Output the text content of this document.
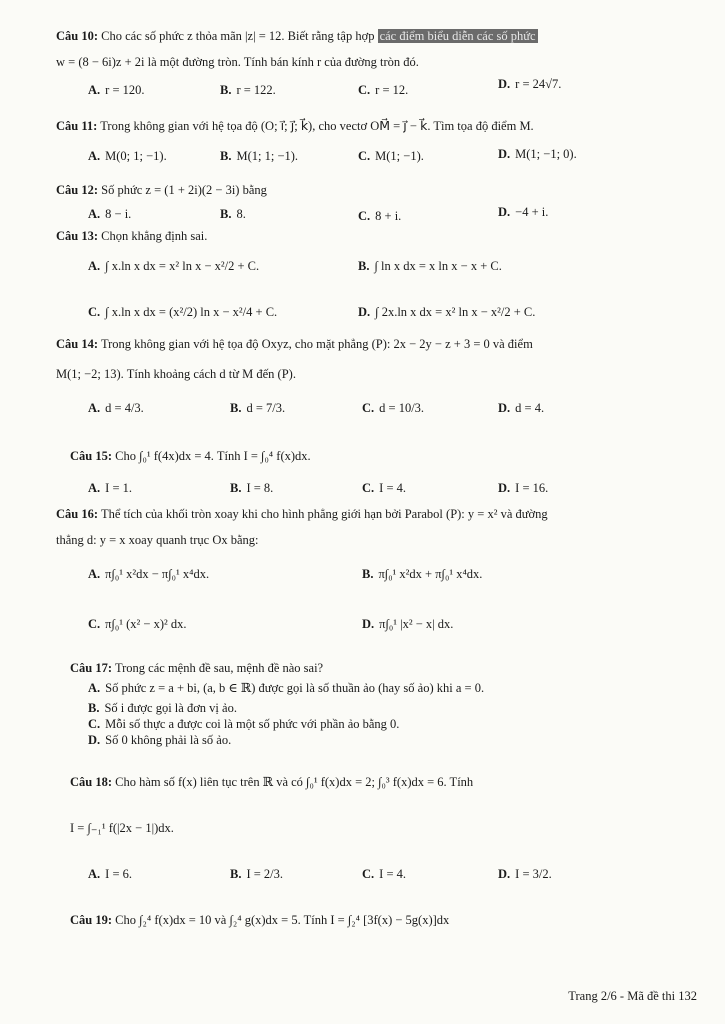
Câu 10: Cho các số phức z thỏa mãn |z| = 12. Biết rằng tập hợp các điểm biểu diễn các số phức
w = (8 − 6i)z + 2i là một đường tròn. Tính bán kính r của đường tròn đó.
A. r = 120.	B. r = 122.	C. r = 12.	D. r = 24√7.
Câu 11: Trong không gian với hệ tọa độ (O; i⃗; j⃗; k⃗), cho vectơ OM⃗ = j⃗ − k⃗. Tìm tọa độ điểm M.
A. M(0; 1; −1).	B. M(1; 1; −1).	C. M(1; −1).	D. M(1; −1; 0).
Câu 12: Số phức z = (1 + 2i)(2 − 3i) bằng
A. 8 − i.	B. 8.	C. 8 + i.	D. −4 + i.
Câu 13: Chọn khẳng định sai.
A. ∫ x.ln x dx = x² ln x − x²/2 + C.	B. ∫ ln x dx = x ln x − x + C.
C. ∫ x.ln x dx = (x²/2) ln x − x²/4 + C.	D. ∫ 2x.ln x dx = x² ln x − x²/2 + C.
Câu 14: Trong không gian với hệ tọa độ Oxyz, cho mặt phẳng (P): 2x − 2y − z + 3 = 0 và điểm
M(1; −2; 13). Tính khoảng cách d từ M đến (P).
A. d = 4/3.	B. d = 7/3.	C. d = 10/3.	D. d = 4.
Câu 15: Cho ∫₀¹ f(4x)dx = 4. Tính I = ∫₀⁴ f(x)dx.
A. I = 1.	B. I = 8.	C. I = 4.	D. I = 16.
Câu 16: Thể tích của khối tròn xoay khi cho hình phẳng giới hạn bởi Parabol (P): y = x² và đường
thẳng d: y = x xoay quanh trục Ox bằng:
A. π∫₀¹ x²dx − π∫₀¹ x⁴dx.	B. π∫₀¹ x²dx + π∫₀¹ x⁴dx.
C. π∫₀¹ (x² − x)² dx.	D. π∫₀¹ |x² − x| dx.
Câu 17: Trong các mệnh đề sau, mệnh đề nào sai?
A. Số phức z = a + bi, (a, b ∈ ℝ) được gọi là số thuần ảo (hay số ảo) khi a = 0.
B. Số i được gọi là đơn vị ảo.
C. Mỗi số thực a được coi là một số phức với phần ảo bằng 0.
D. Số 0 không phải là số ảo.
Câu 18: Cho hàm số f(x) liên tục trên ℝ và có ∫₀¹ f(x)dx = 2; ∫₀³ f(x)dx = 6. Tính
I = ∫₋₁¹ f(|2x − 1|)dx.
A. I = 6.	B. I = 2/3.	C. I = 4.	D. I = 3/2.
Câu 19: Cho ∫₂⁴ f(x)dx = 10 và ∫₂⁴ g(x)dx = 5. Tính I = ∫₂⁴ [3f(x) − 5g(x)]dx
Trang 2/6 - Mã đề thi 132
